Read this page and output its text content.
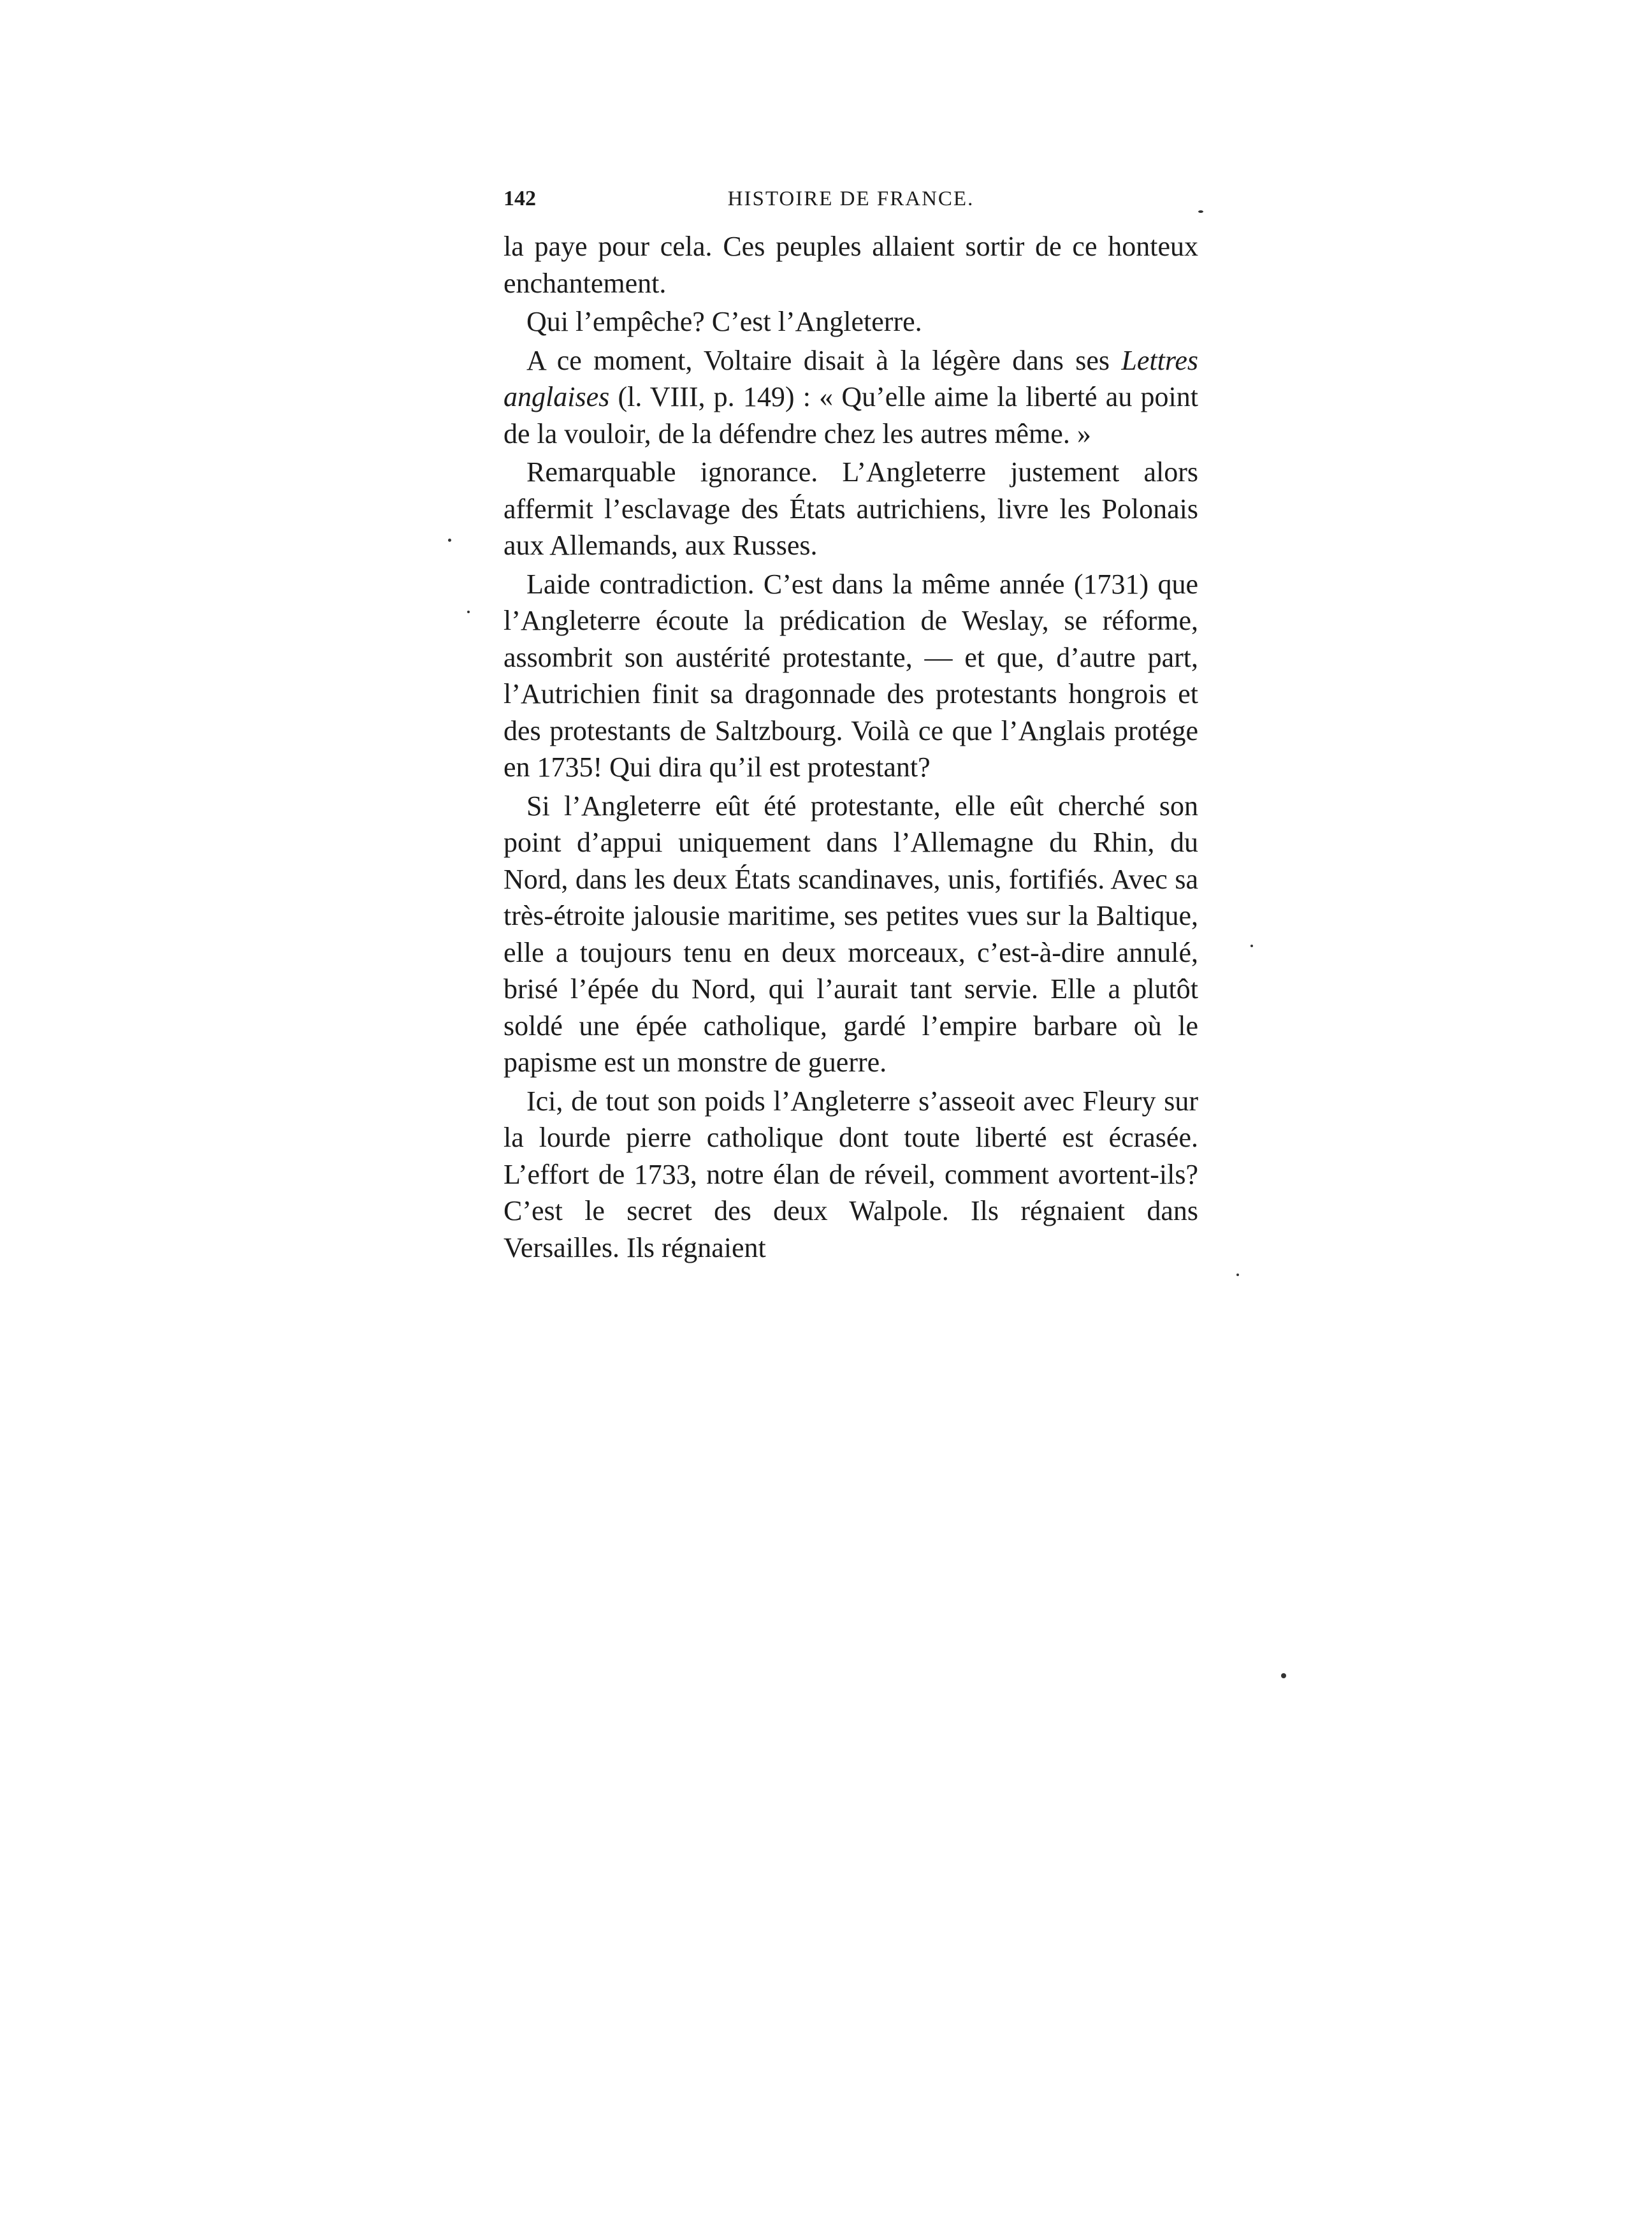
142	HISTOIRE DE FRANCE.

la paye pour cela. Ces peuples allaient sortir de ce honteux enchantement.

Qui l’empêche? C’est l’Angleterre.

A ce moment, Voltaire disait à la légère dans ses Lettres anglaises (l. VIII, p. 149) : « Qu’elle aime la liberté au point de la vouloir, de la défendre chez les autres même. »

Remarquable ignorance. L’Angleterre justement alors affermit l’esclavage des États autrichiens, livre les Polonais aux Allemands, aux Russes.

Laide contradiction. C’est dans la même année (1731) que l’Angleterre écoute la prédication de Weslay, se réforme, assombrit son austérité protestante, — et que, d’autre part, l’Autrichien finit sa dragonnade des protestants hongrois et des protestants de Saltzbourg. Voilà ce que l’Anglais protége en 1735! Qui dira qu’il est protestant?

Si l’Angleterre eût été protestante, elle eût cherché son point d’appui uniquement dans l’Allemagne du Rhin, du Nord, dans les deux États scandinaves, unis, fortifiés. Avec sa très-étroite jalousie maritime, ses petites vues sur la Baltique, elle a toujours tenu en deux morceaux, c’est-à-dire annulé, brisé l’épée du Nord, qui l’aurait tant servie. Elle a plutôt soldé une épée catholique, gardé l’empire barbare où le papisme est un monstre de guerre.

Ici, de tout son poids l’Angleterre s’asseoit avec Fleury sur la lourde pierre catholique dont toute liberté est écrasée. L’effort de 1733, notre élan de réveil, comment avortent-ils? C’est le secret des deux Walpole. Ils régnaient dans Versailles. Ils régnaient
